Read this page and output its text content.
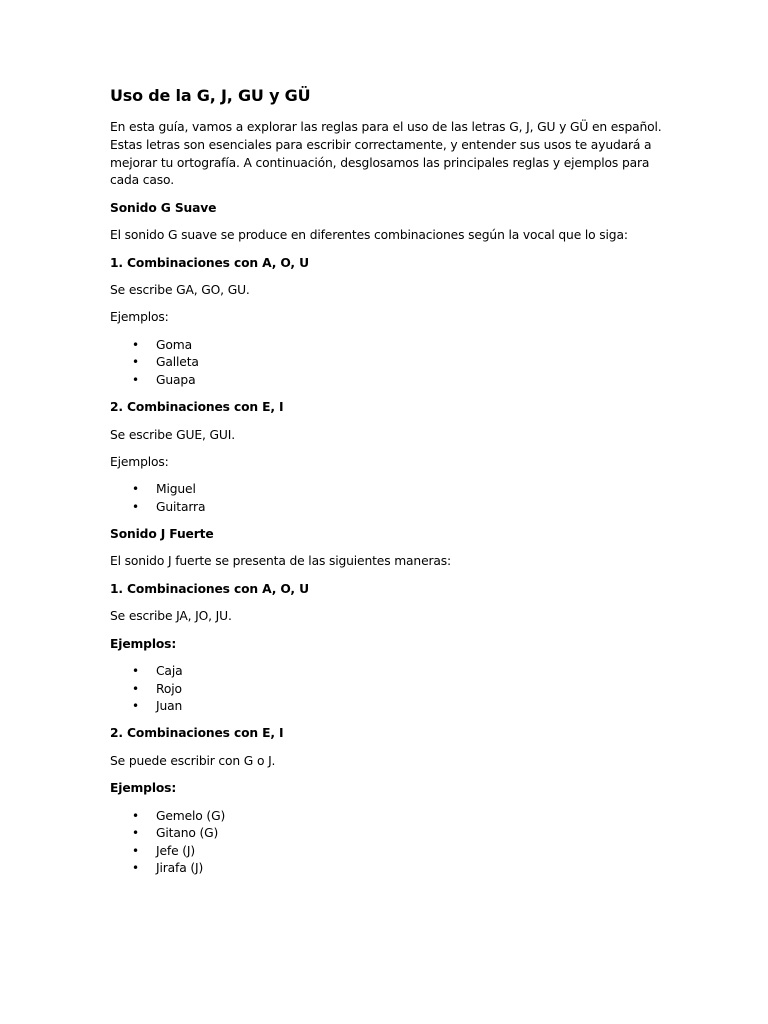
Uso de la G, J, GU y GÜ
En esta guía, vamos a explorar las reglas para el uso de las letras G, J, GU y GÜ en español. Estas letras son esenciales para escribir correctamente, y entender sus usos te ayudará a mejorar tu ortografía. A continuación, desglosamos las principales reglas y ejemplos para cada caso.
Sonido G Suave
El sonido G suave se produce en diferentes combinaciones según la vocal que lo siga:
1. Combinaciones con A, O, U
Se escribe GA, GO, GU.
Ejemplos:
• Goma
• Galleta
• Guapa
2. Combinaciones con E, I
Se escribe GUE, GUI.
Ejemplos:
• Miguel
• Guitarra
Sonido J Fuerte
El sonido J fuerte se presenta de las siguientes maneras:
1. Combinaciones con A, O, U
Se escribe JA, JO, JU.
Ejemplos:
• Caja
• Rojo
• Juan
2. Combinaciones con E, I
Se puede escribir con G o J.
Ejemplos:
• Gemelo (G)
• Gitano (G)
• Jefe (J)
• Jirafa (J)
